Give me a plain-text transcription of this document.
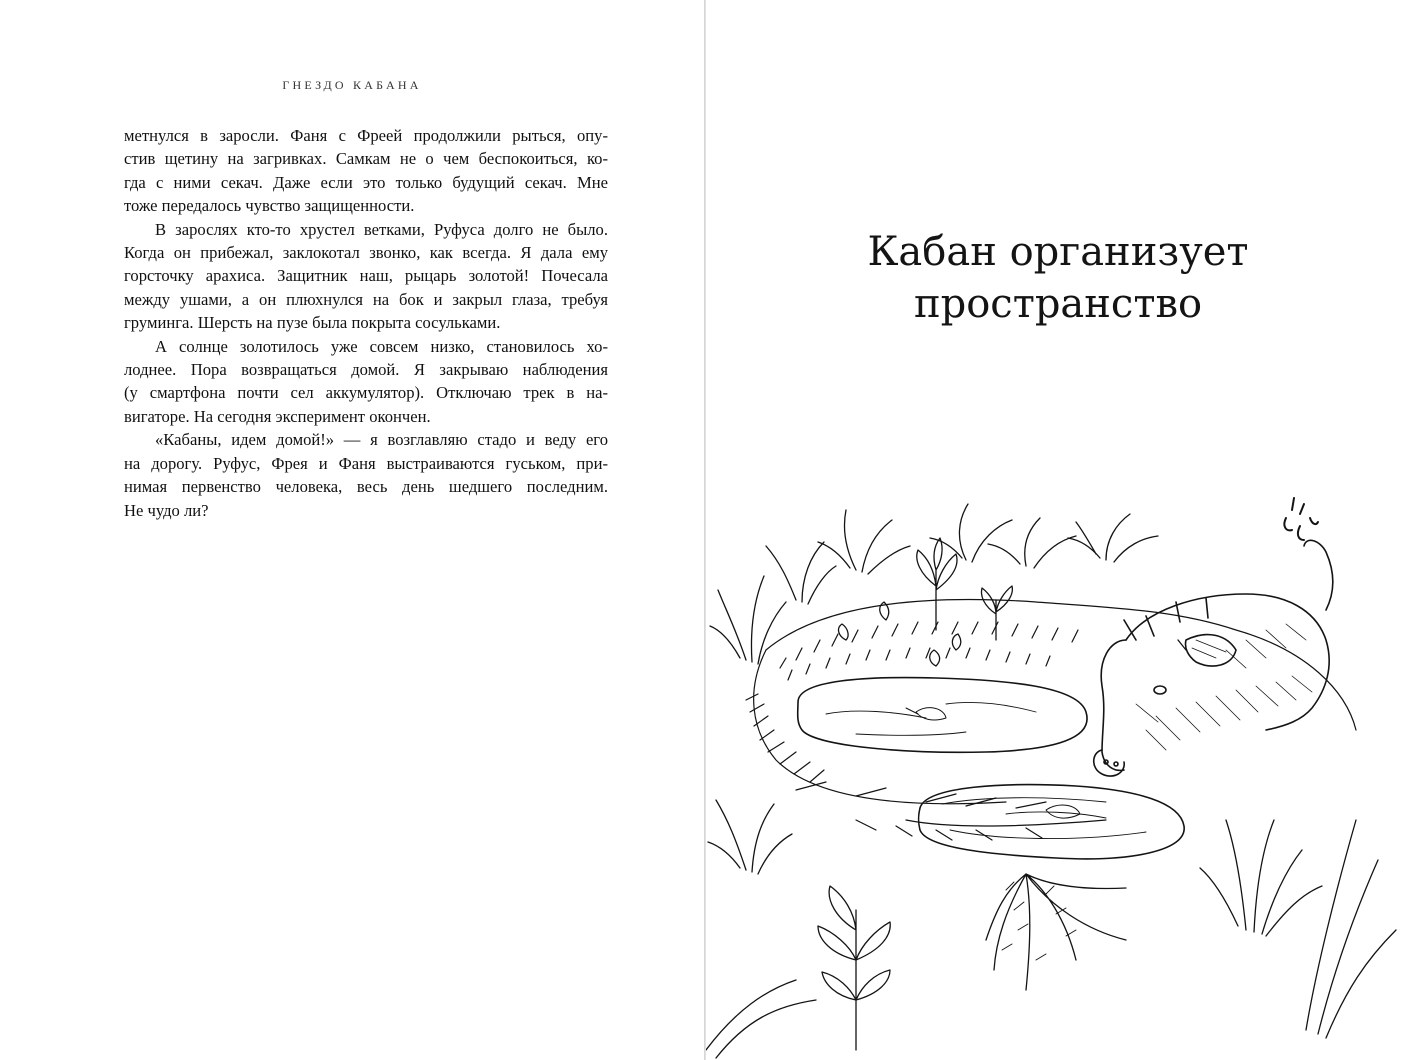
ГНЕЗДО КАБАНА
метнулся в заросли. Фаня с Фреей продолжили рыться, опу-
стив щетину на загривках. Самкам не о чем беспокоиться, ко-
гда с ними секач. Даже если это только будущий секач. Мне
тоже передалось чувство защищенности.
В зарослях кто-то хрустел ветками, Руфуса долго не было.
Когда он прибежал, заклокотал звонко, как всегда. Я дала ему
горсточку арахиса. Защитник наш, рыцарь золотой! Почесала
между ушами, а он плюхнулся на бок и закрыл глаза, требуя
груминга. Шерсть на пузе была покрыта сосульками.
А солнце золотилось уже совсем низко, становилось хо-
лоднее. Пора возвращаться домой. Я закрываю наблюдения
(у смартфона почти сел аккумулятор). Отключаю трек в на-
вигаторе. На сегодня эксперимент окончен.
«Кабаны, идем домой!» — я возглавляю стадо и веду его
на дорогу. Руфус, Фрея и Фаня выстраиваются гуськом, при-
нимая первенство человека, весь день шедшего последним.
Не чудо ли?
Кабан организует
пространство
